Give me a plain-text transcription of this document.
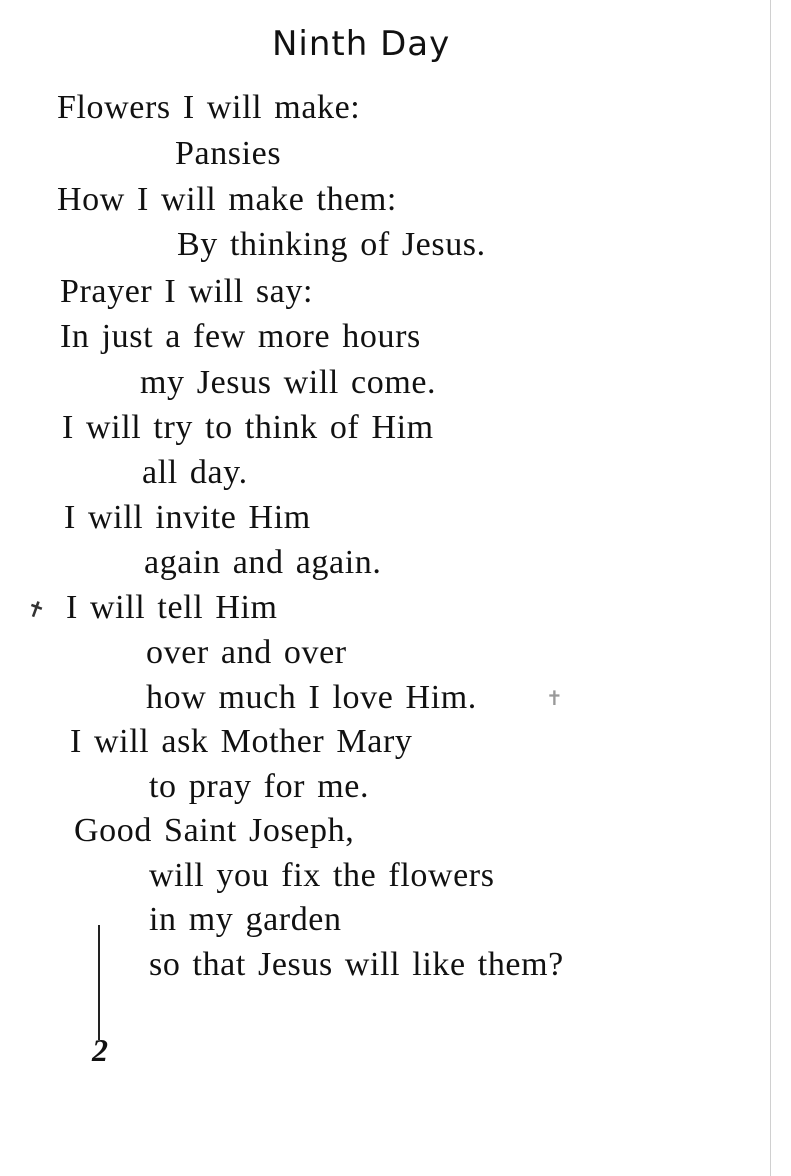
Ninth Day
Flowers I will make:
Pansies
How I will make them:
By thinking of Jesus.
Prayer I will say:
In just a few more hours
my Jesus will come.
I will try to think of Him
all day.
I will invite Him
again and again.
I will tell Him
over and over
how much I love Him.
I will ask Mother Mary
to pray for me.
Good Saint Joseph,
will you fix the flowers
in my garden
so that Jesus will like them?
✝
✝
2
